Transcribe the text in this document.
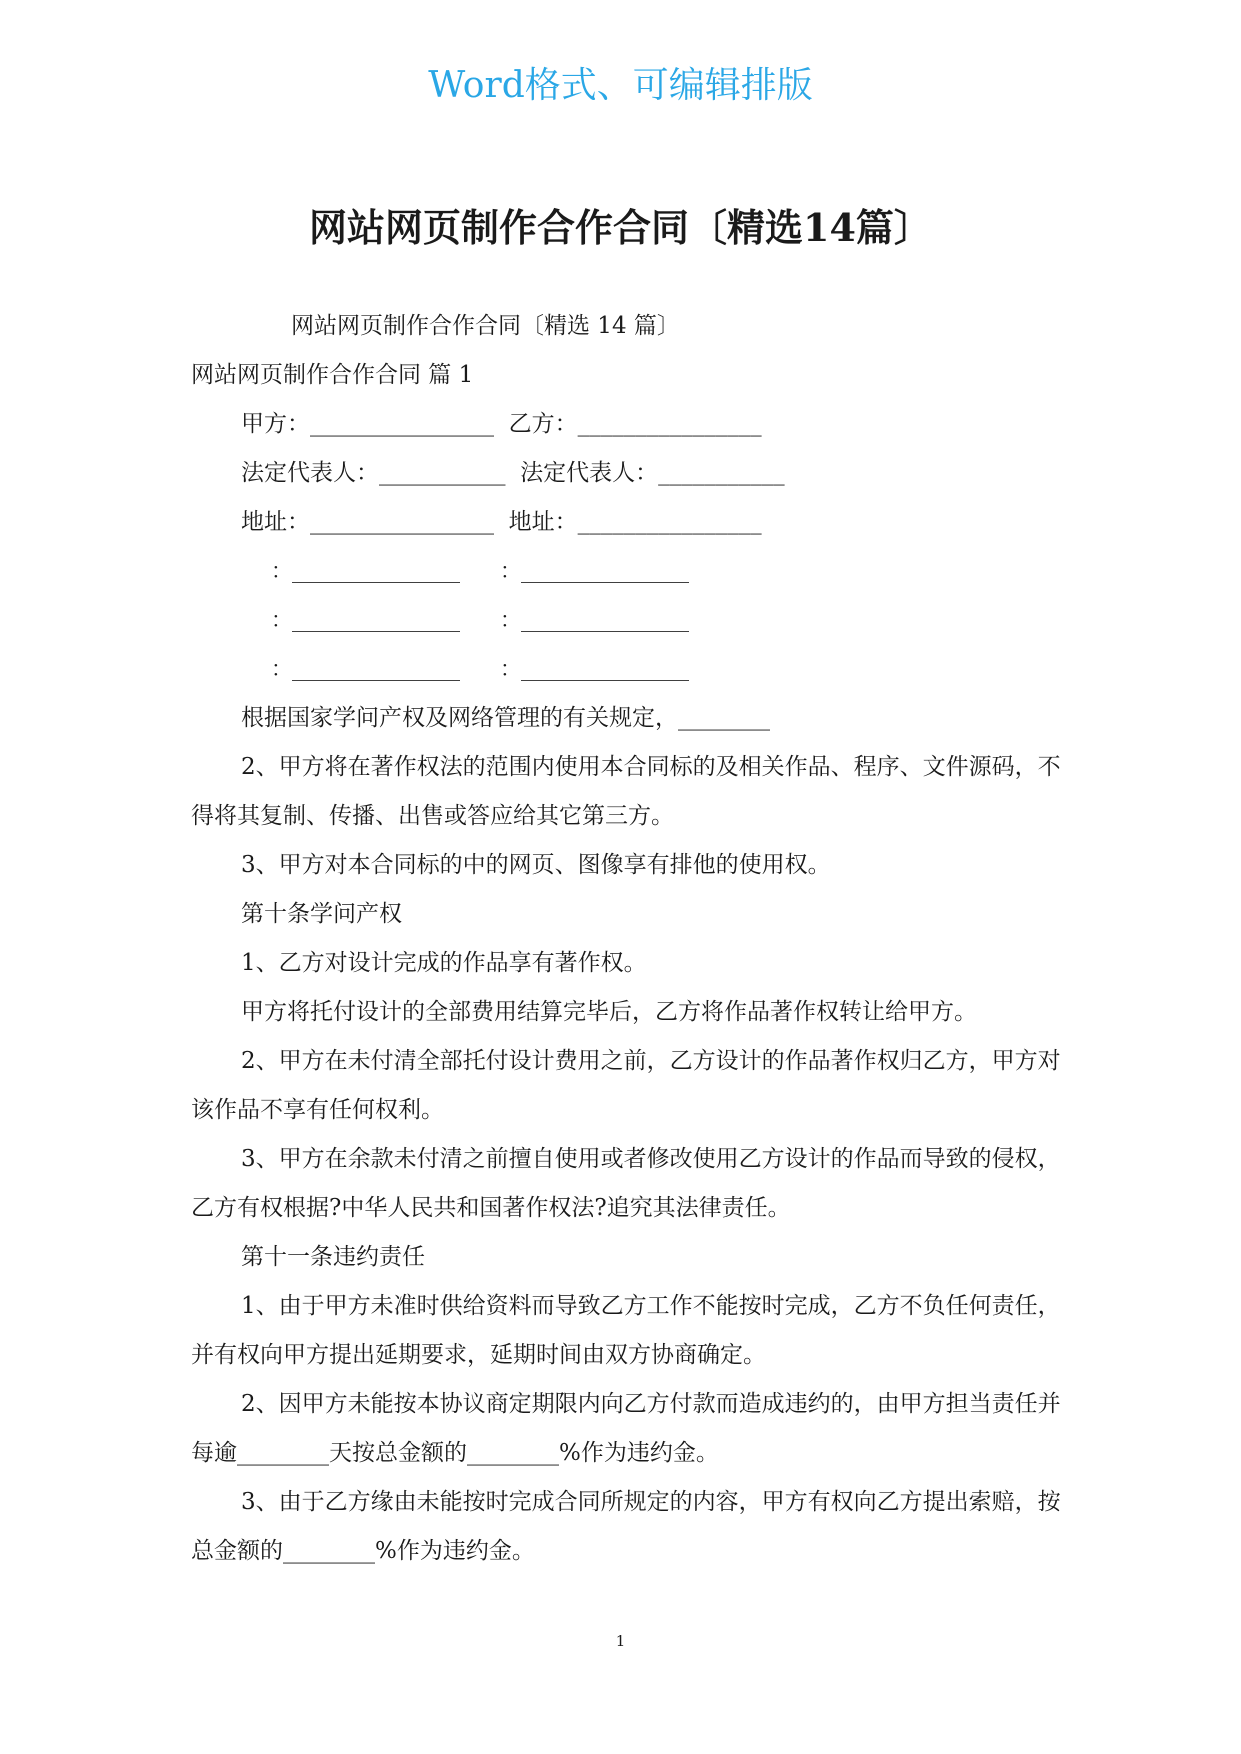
Word格式、可编辑排版
网站网页制作合作合同〔精选14篇〕

网站网页制作合作合同〔精选 14 篇〕

网站网页制作合作合同 篇 1

甲方：________________  乙方：________________

法定代表人：___________  法定代表人：___________

地址：________________  地址：________________

：________________      ：________________

：________________      ：________________

：________________      ：________________

根据国家学问产权及网络管理的有关规定，________

2、甲方将在著作权法的范围内使用本合同标的及相关作品、程序、文件源码，不得将其复制、传播、出售或答应给其它第三方。

3、甲方对本合同标的中的网页、图像享有排他的使用权。

第十条学问产权

1、乙方对设计完成的作品享有著作权。

甲方将托付设计的全部费用结算完毕后，乙方将作品著作权转让给甲方。

2、甲方在未付清全部托付设计费用之前，乙方设计的作品著作权归乙方，甲方对该作品不享有任何权利。

3、甲方在余款未付清之前擅自使用或者修改使用乙方设计的作品而导致的侵权，乙方有权根据?中华人民共和国著作权法?追究其法律责任。

第十一条违约责任

1、由于甲方未准时供给资料而导致乙方工作不能按时完成，乙方不负任何责任，并有权向甲方提出延期要求，延期时间由双方协商确定。

2、因甲方未能按本协议商定期限内向乙方付款而造成违约的，由甲方担当责任并每逾________天按总金额的________%作为违约金。

3、由于乙方缘由未能按时完成合同所规定的内容，甲方有权向乙方提出索赔，按总金额的________%作为违约金。

1
